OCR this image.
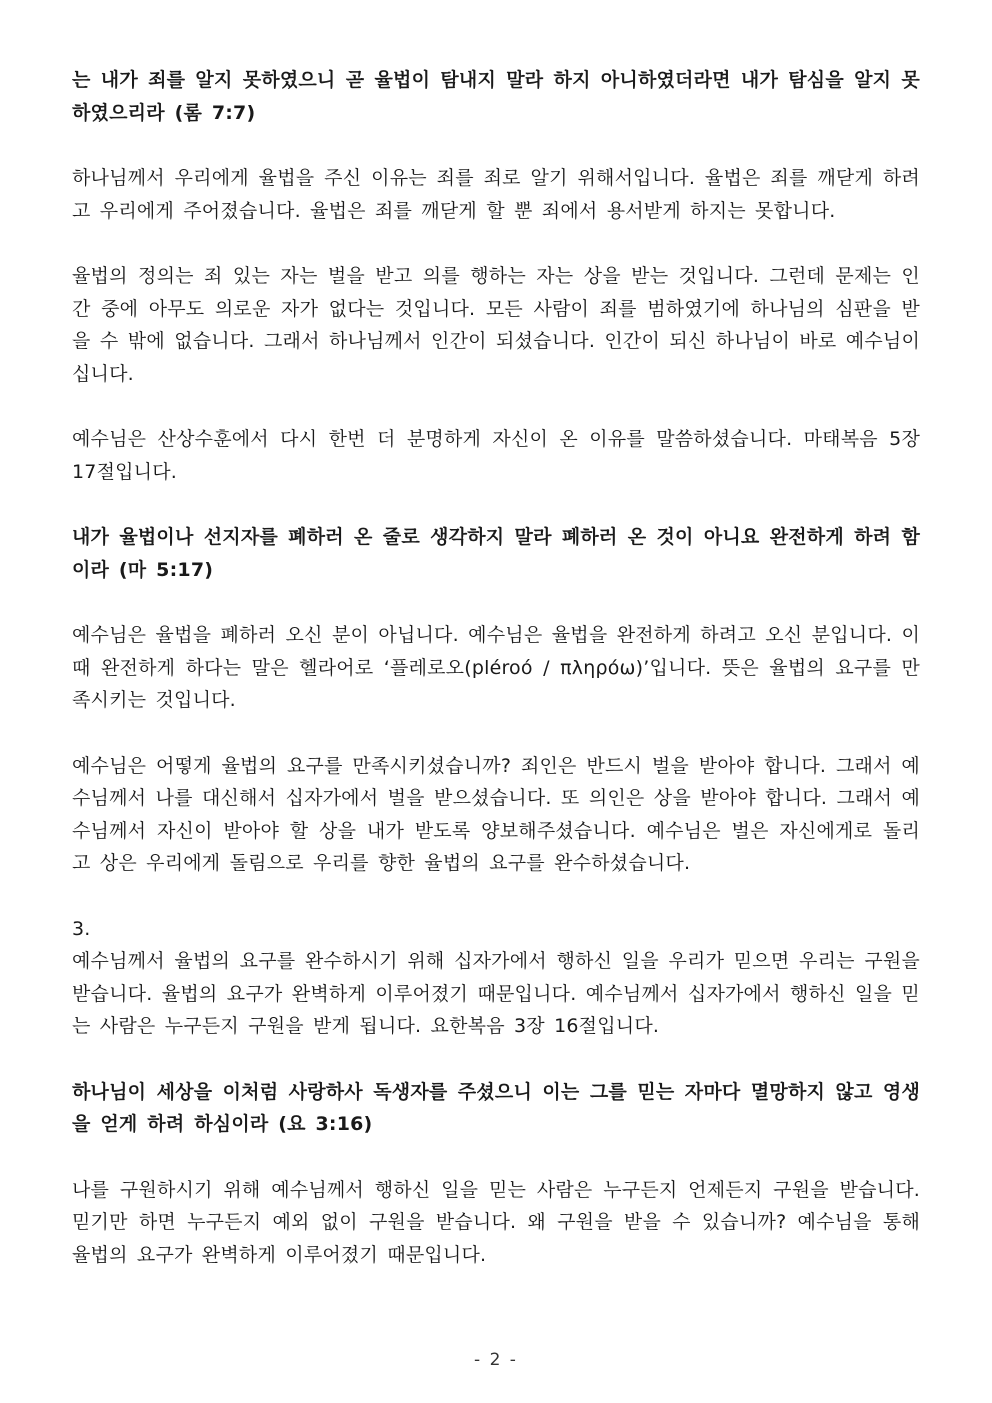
는 내가 죄를 알지 못하였으니 곧 율법이 탐내지 말라 하지 아니하였더라면 내가 탐심을 알지 못하였으리라 (롬 7:7)

하나님께서 우리에게 율법을 주신 이유는 죄를 죄로 알기 위해서입니다. 율법은 죄를 깨닫게 하려고 우리에게 주어졌습니다. 율법은 죄를 깨닫게 할 뿐 죄에서 용서받게 하지는 못합니다.

율법의 정의는 죄 있는 자는 벌을 받고 의를 행하는 자는 상을 받는 것입니다. 그런데 문제는 인간 중에 아무도 의로운 자가 없다는 것입니다. 모든 사람이 죄를 범하였기에 하나님의 심판을 받을 수 밖에 없습니다. 그래서 하나님께서 인간이 되셨습니다. 인간이 되신 하나님이 바로 예수님이십니다.

예수님은 산상수훈에서 다시 한번 더 분명하게 자신이 온 이유를 말씀하셨습니다. 마태복음 5장 17절입니다.

내가 율법이나 선지자를 폐하러 온 줄로 생각하지 말라 폐하러 온 것이 아니요 완전하게 하려 함이라 (마 5:17)

예수님은 율법을 폐하러 오신 분이 아닙니다. 예수님은 율법을 완전하게 하려고 오신 분입니다. 이때 완전하게 하다는 말은 헬라어로 ‘플레로오(pléroó / πληρόω)’입니다. 뜻은 율법의 요구를 만족시키는 것입니다.

예수님은 어떻게 율법의 요구를 만족시키셨습니까? 죄인은 반드시 벌을 받아야 합니다. 그래서 예수님께서 나를 대신해서 십자가에서 벌을 받으셨습니다. 또 의인은 상을 받아야 합니다. 그래서 예수님께서 자신이 받아야 할 상을 내가 받도록 양보해주셨습니다. 예수님은 벌은 자신에게로 돌리고 상은 우리에게 돌림으로 우리를 향한 율법의 요구를 완수하셨습니다.

3.

예수님께서 율법의 요구를 완수하시기 위해 십자가에서 행하신 일을 우리가 믿으면 우리는 구원을 받습니다. 율법의 요구가 완벽하게 이루어졌기 때문입니다. 예수님께서 십자가에서 행하신 일을 믿는 사람은 누구든지 구원을 받게 됩니다. 요한복음 3장 16절입니다.

하나님이 세상을 이처럼 사랑하사 독생자를 주셨으니 이는 그를 믿는 자마다 멸망하지 않고 영생을 얻게 하려 하심이라 (요 3:16)

나를 구원하시기 위해 예수님께서 행하신 일을 믿는 사람은 누구든지 언제든지 구원을 받습니다. 믿기만 하면 누구든지 예외 없이 구원을 받습니다. 왜 구원을 받을 수 있습니까? 예수님을 통해 율법의 요구가 완벽하게 이루어졌기 때문입니다.

- 2 -
